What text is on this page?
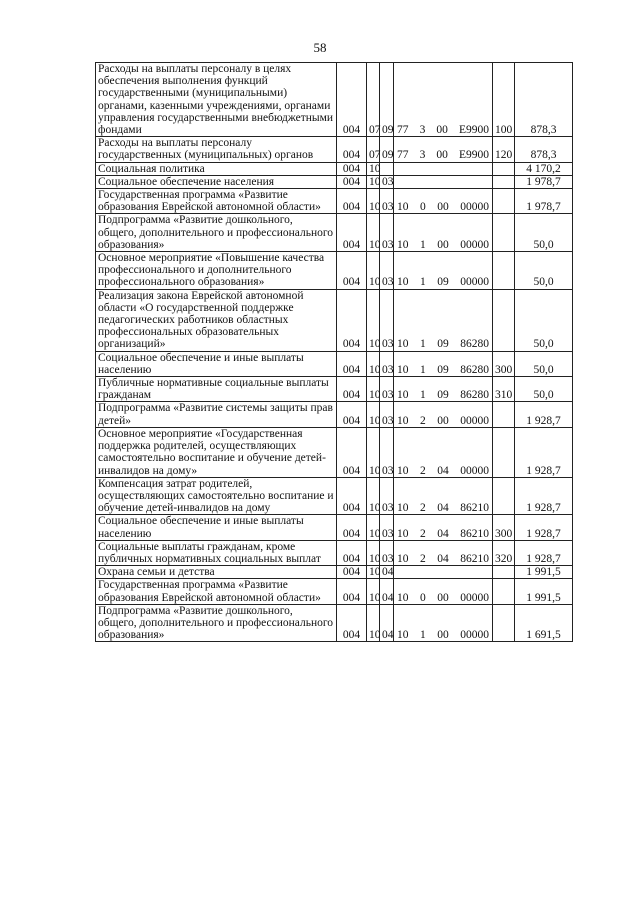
58
Расходы на выплаты персоналу в целях обеспечения выполнения функций государственными (муниципальными) органами, казенными учреждениями, органами управления государственными внебюджетными фондами	004	07	09	77 3 00 Е9900	100	878,3
Расходы на выплаты персоналу государственных (муниципальных) органов	004	07	09	77 3 00 Е9900	120	878,3
Социальная политика	004	10				4 170,2
Социальное обеспечение населения	004	10	03			1 978,7
Государственная программа «Развитие образования Еврейской автономной области»	004	10	03	10 0 00 00000		1 978,7
Подпрограмма «Развитие дошкольного, общего, дополнительного и профессионального образования»	004	10	03	10 1 00 00000		50,0
Основное мероприятие «Повышение качества профессионального и дополнительного профессионального образования»	004	10	03	10 1 09 00000		50,0
Реализация закона Еврейской автономной области «О государственной поддержке педагогических работников областных профессиональных образовательных организаций»	004	10	03	10 1 09 86280		50,0
Социальное обеспечение и иные выплаты населению	004	10	03	10 1 09 86280	300	50,0
Публичные нормативные социальные выплаты гражданам	004	10	03	10 1 09 86280	310	50,0
Подпрограмма «Развитие системы защиты прав детей»	004	10	03	10 2 00 00000		1 928,7
Основное мероприятие «Государственная поддержка родителей, осуществляющих самостоятельно воспитание и обучение детей-инвалидов на дому»	004	10	03	10 2 04 00000		1 928,7
Компенсация затрат родителей, осуществляющих самостоятельно воспитание и обучение детей-инвалидов на дому	004	10	03	10 2 04 86210		1 928,7
Социальное обеспечение и иные выплаты населению	004	10	03	10 2 04 86210	300	1 928,7
Социальные выплаты гражданам, кроме публичных нормативных социальных выплат	004	10	03	10 2 04 86210	320	1 928,7
Охрана семьи и детства	004	10	04			1 991,5
Государственная программа «Развитие образования Еврейской автономной области»	004	10	04	10 0 00 00000		1 991,5
Подпрограмма «Развитие дошкольного, общего, дополнительного и профессионального образования»	004	10	04	10 1 00 00000		1 691,5
